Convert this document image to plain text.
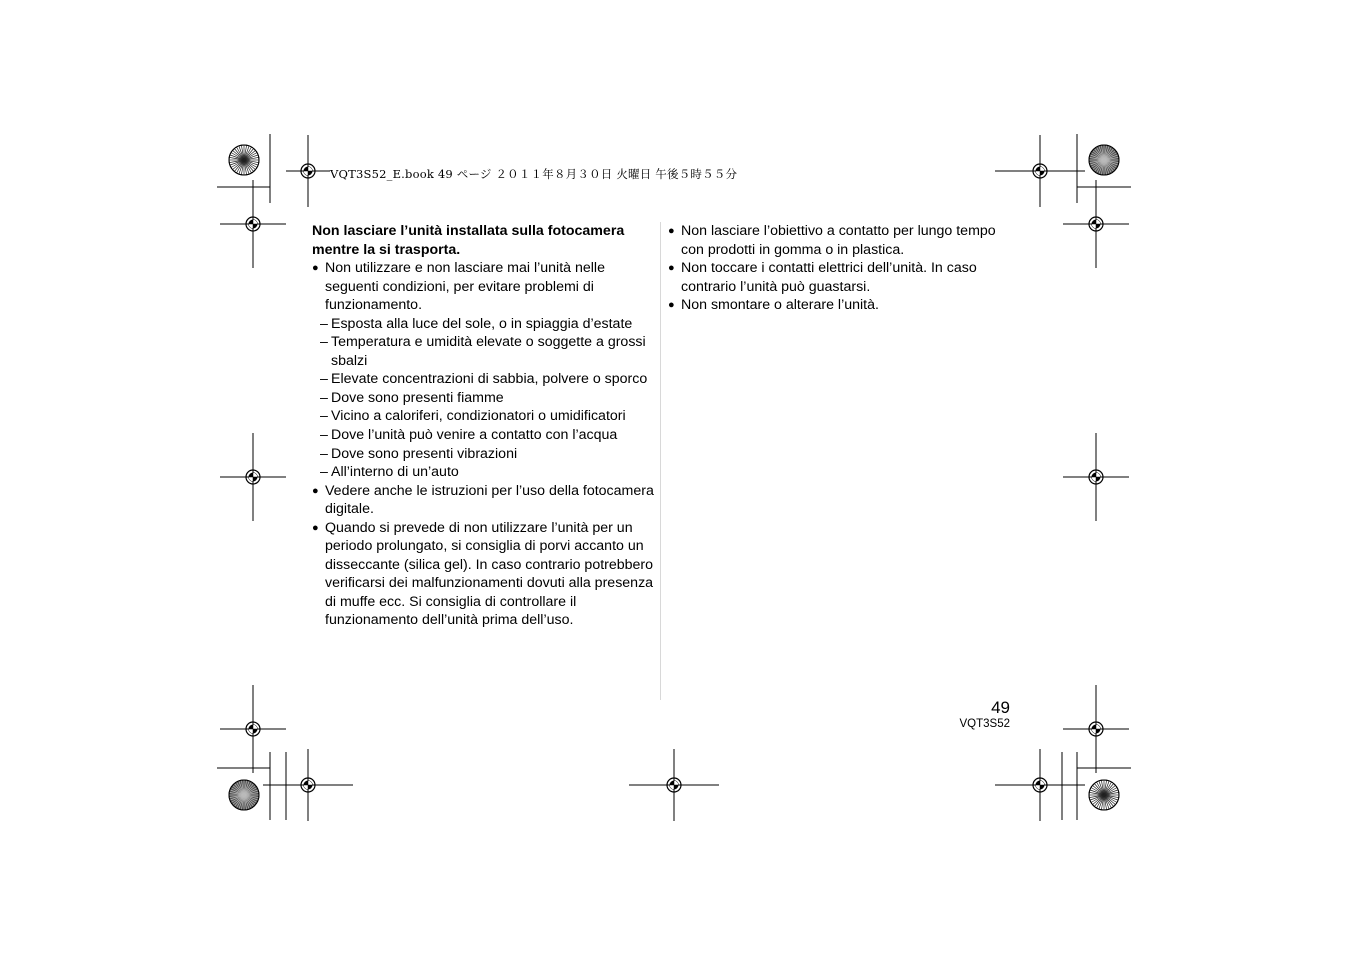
VQT3S52_E.book 49 ページ ２０１１年８月３０日 火曜日 午後５時５５分

Non lasciare l’unità installata sulla fotocamera mentre la si trasporta.

● Non utilizzare e non lasciare mai l’unità nelle seguenti condizioni, per evitare problemi di funzionamento.
– Esposta alla luce del sole, o in spiaggia d’estate
– Temperatura e umidità elevate o soggette a grossi sbalzi
– Elevate concentrazioni di sabbia, polvere o sporco
– Dove sono presenti fiamme
– Vicino a caloriferi, condizionatori o umidificatori
– Dove l’unità può venire a contatto con l’acqua
– Dove sono presenti vibrazioni
– All’interno di un’auto
● Vedere anche le istruzioni per l’uso della fotocamera digitale.
● Quando si prevede di non utilizzare l’unità per un periodo prolungato, si consiglia di porvi accanto un disseccante (silica gel). In caso contrario potrebbero verificarsi dei malfunzionamenti dovuti alla presenza di muffe ecc. Si consiglia di controllare il funzionamento dell’unità prima dell’uso.
● Non lasciare l’obiettivo a contatto per lungo tempo con prodotti in gomma o in plastica.
● Non toccare i contatti elettrici dell’unità. In caso contrario l’unità può guastarsi.
● Non smontare o alterare l’unità.
49
VQT3S52
